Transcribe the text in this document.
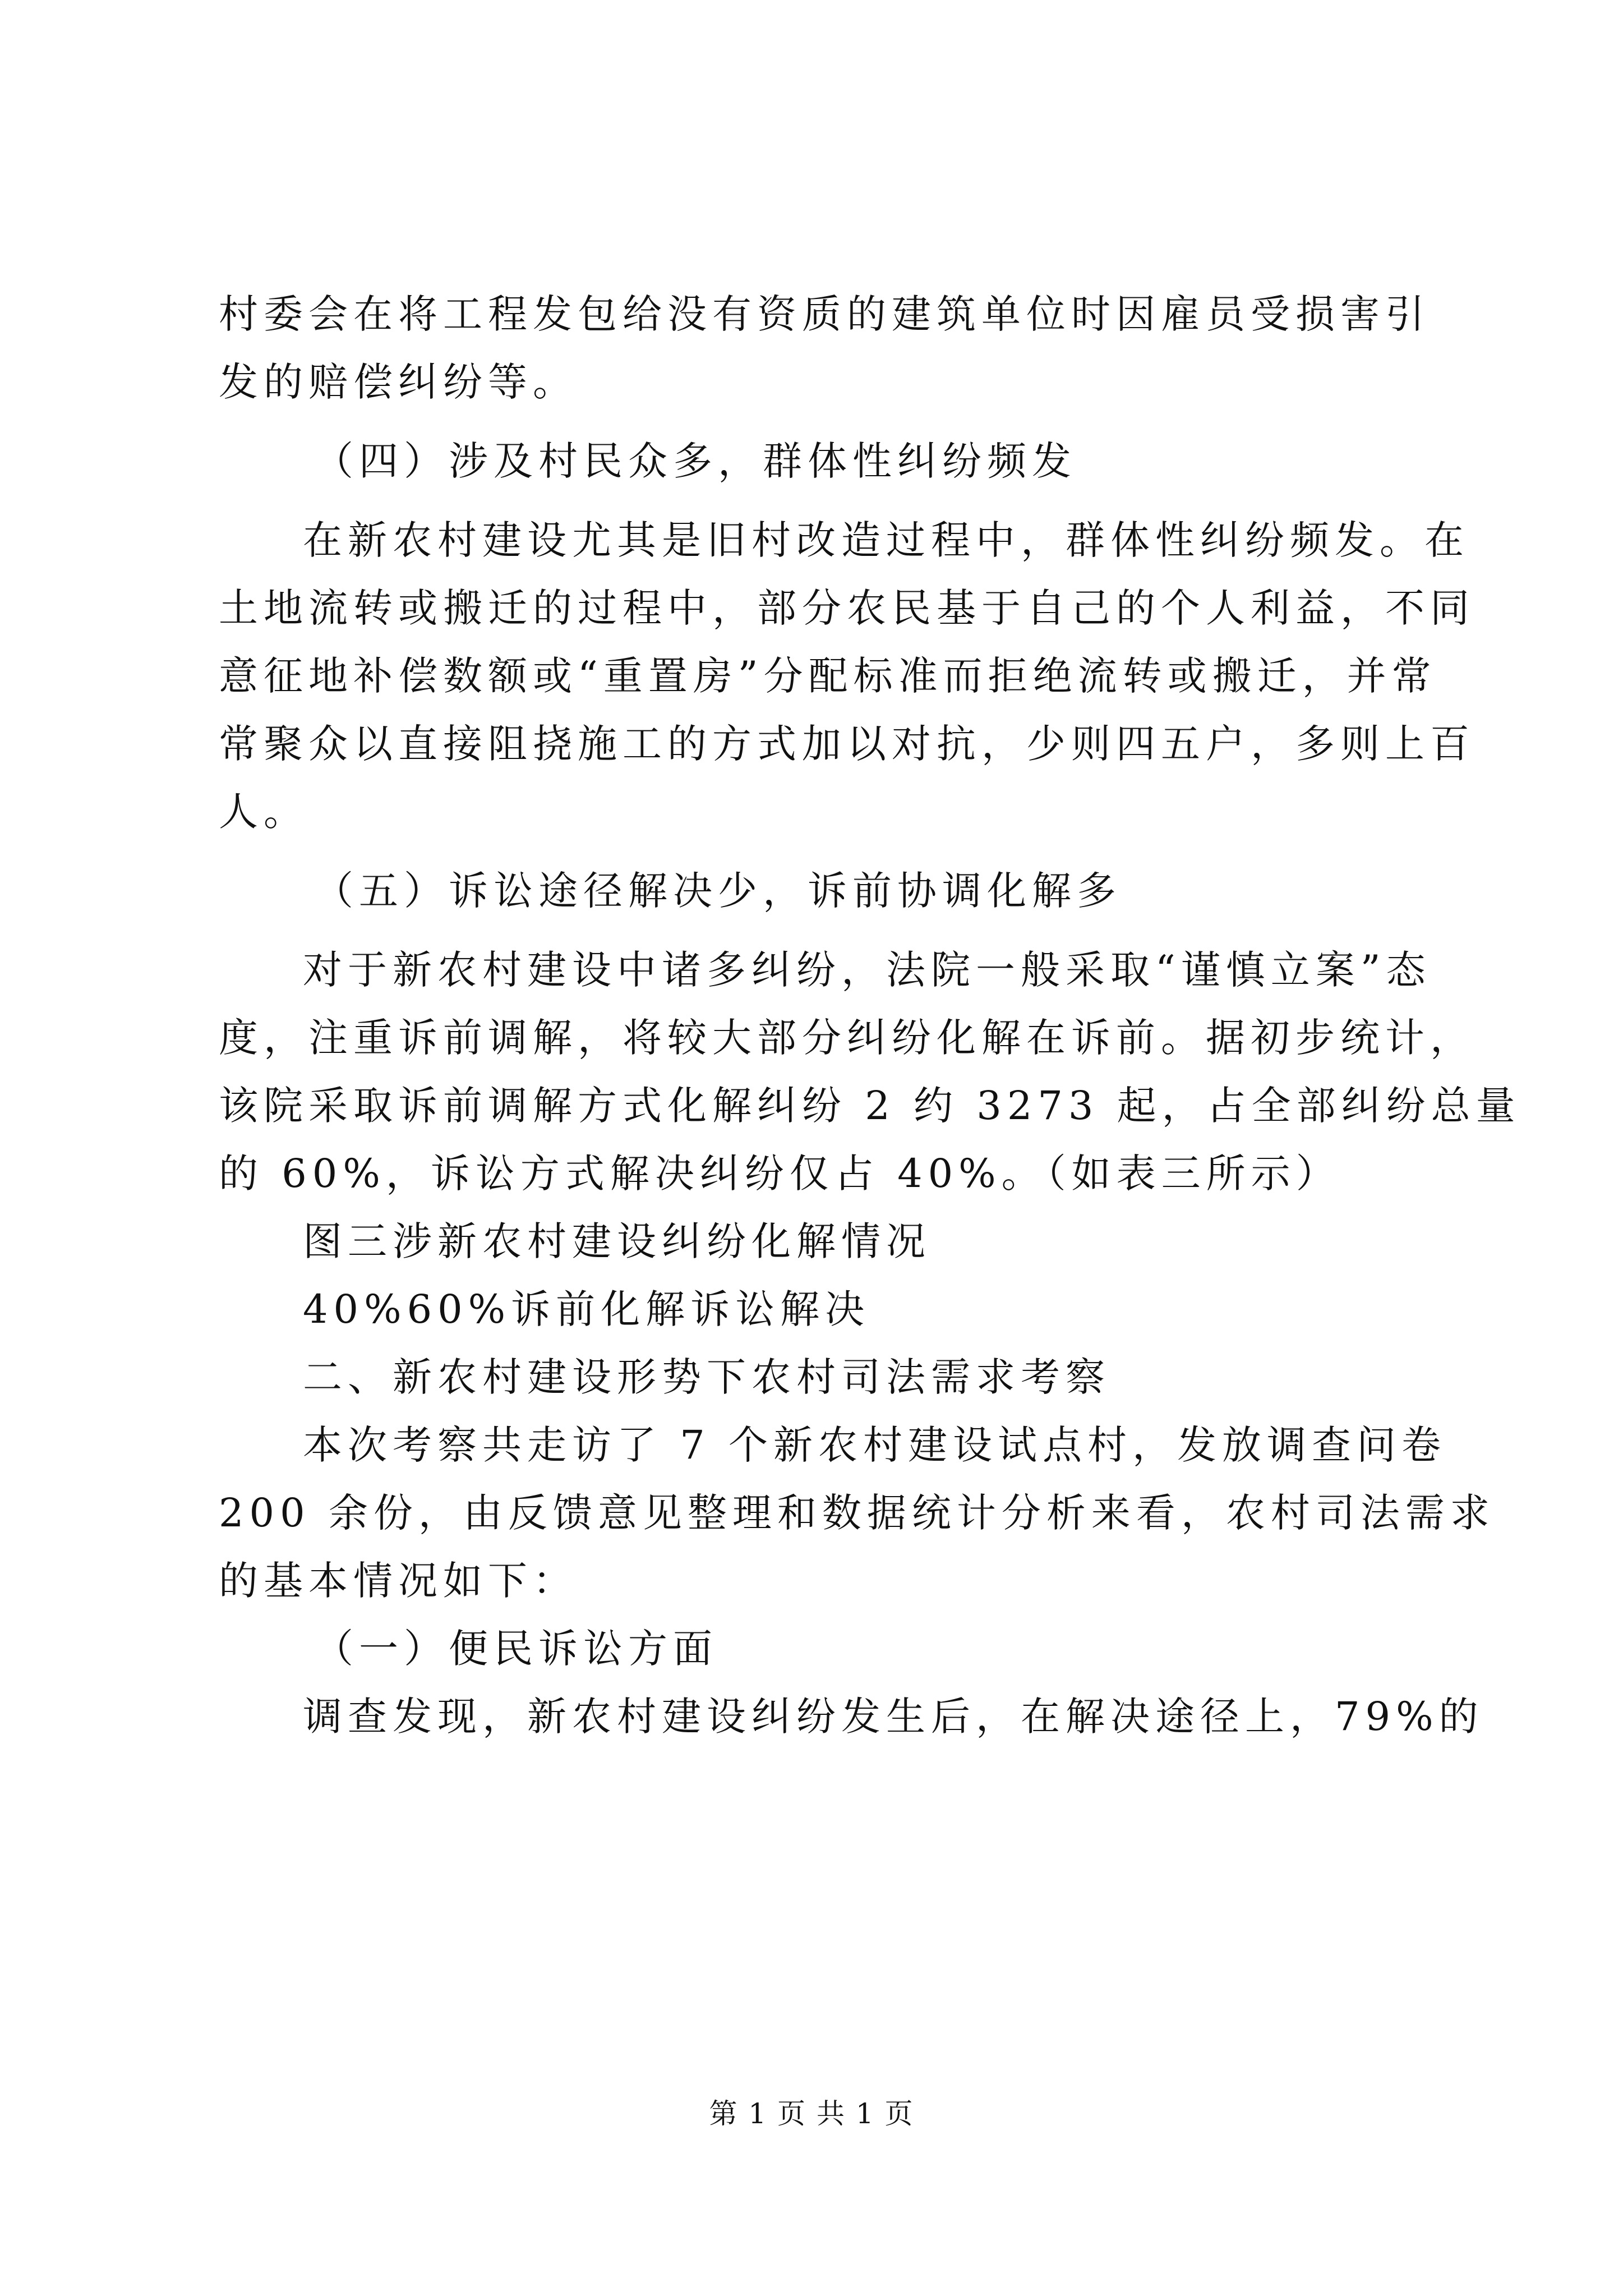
村委会在将工程发包给没有资质的建筑单位时因雇员受损害引
发的赔偿纠纷等。
（四）涉及村民众多，群体性纠纷频发
在新农村建设尤其是旧村改造过程中，群体性纠纷频发。在
土地流转或搬迁的过程中，部分农民基于自己的个人利益，不同
意征地补偿数额或“重置房”分配标准而拒绝流转或搬迁，并常
常聚众以直接阻挠施工的方式加以对抗，少则四五户，多则上百
人。
（五）诉讼途径解决少，诉前协调化解多
对于新农村建设中诸多纠纷，法院一般采取“谨慎立案”态
度，注重诉前调解，将较大部分纠纷化解在诉前。据初步统计，
该院采取诉前调解方式化解纠纷 2 约 3273 起，占全部纠纷总量
的 60%，诉讼方式解决纠纷仅占 40%。（如表三所示）
图三涉新农村建设纠纷化解情况
40%60%诉前化解诉讼解决
二、新农村建设形势下农村司法需求考察
本次考察共走访了 7 个新农村建设试点村，发放调查问卷
200 余份，由反馈意见整理和数据统计分析来看，农村司法需求
的基本情况如下：
（一）便民诉讼方面
调查发现，新农村建设纠纷发生后，在解决途径上，79%的
第 1 页 共 1 页
